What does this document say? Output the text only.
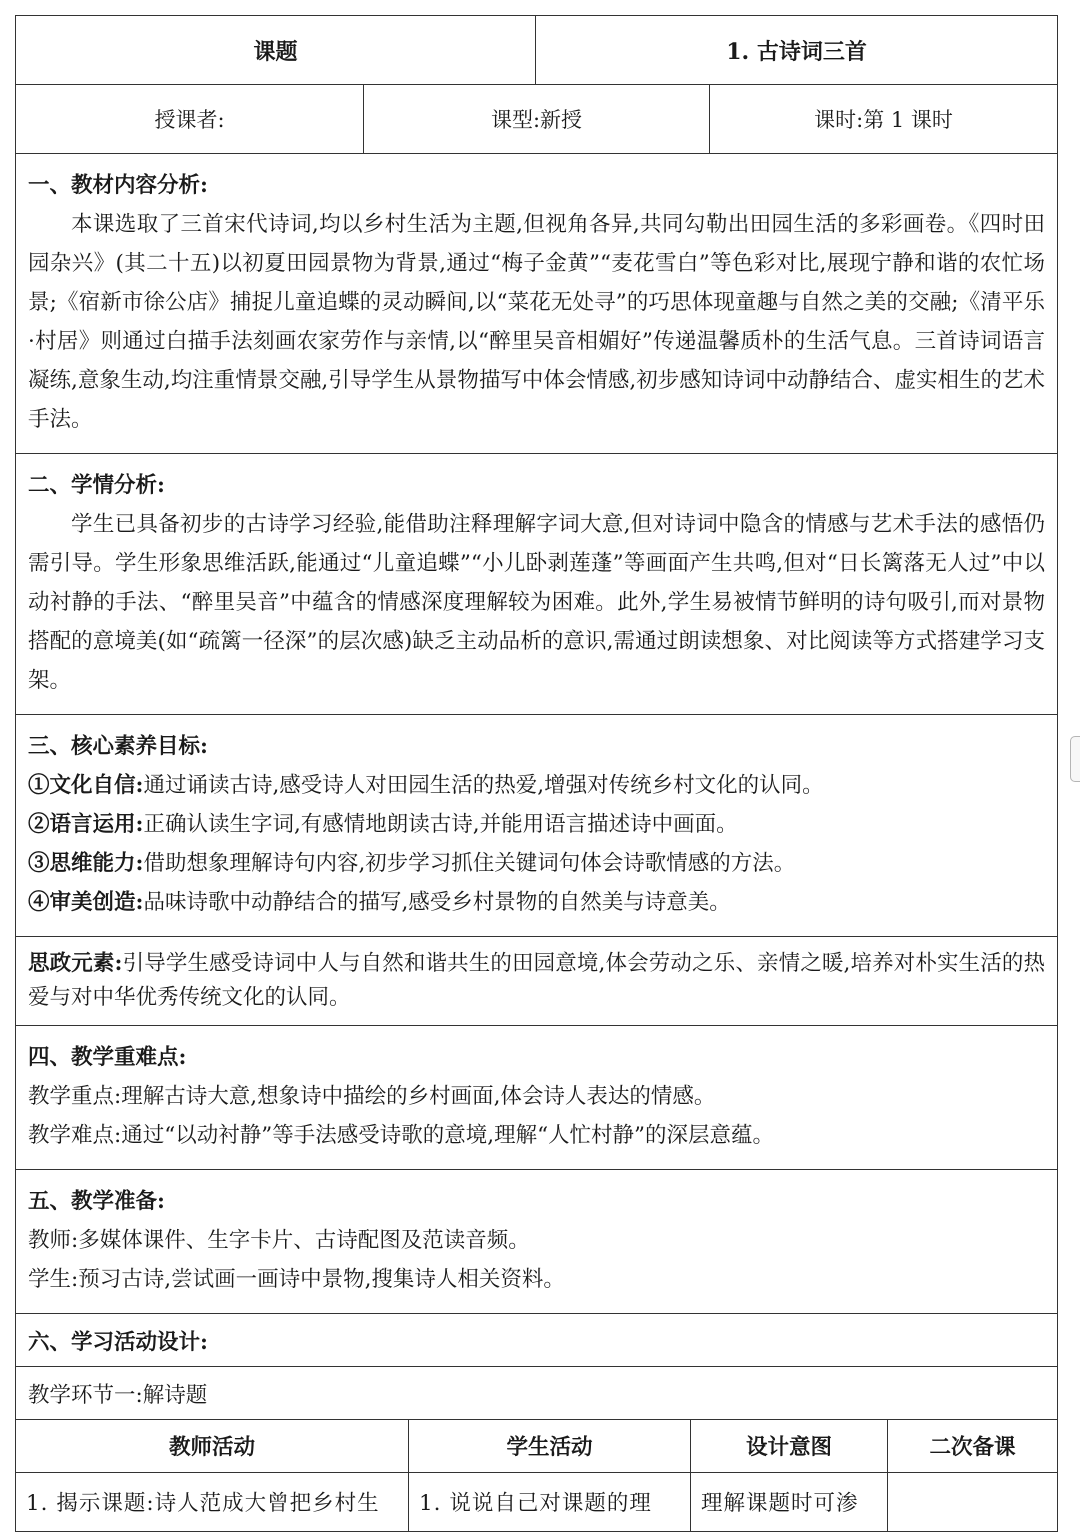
课题		1. 古诗词三首	
授课者:	课型:新授		课时:第 1 课时

一、教材内容分析:

本课选取了三首宋代诗词,均以乡村生活为主题,但视角各异,共同勾勒出田园生活的多彩画卷。《四时田园杂兴》(其二十五)以初夏田园景物为背景,通过“梅子金黄”“麦花雪白”等色彩对比,展现宁静和谐的农忙场景;《宿新市徐公店》捕捉儿童追蝶的灵动瞬间,以“菜花无处寻”的巧思体现童趣与自然之美的交融;《清平乐·村居》则通过白描手法刻画农家劳作与亲情,以“醉里吴音相媚好”传递温馨质朴的生活气息。三首诗词语言凝练,意象生动,均注重情景交融,引导学生从景物描写中体会情感,初步感知诗词中动静结合、虚实相生的艺术手法。			

二、学情分析:

学生已具备初步的古诗学习经验,能借助注释理解字词大意,但对诗词中隐含的情感与艺术手法的感悟仍需引导。学生形象思维活跃,能通过“儿童追蝶”“小儿卧剥莲蓬”等画面产生共鸣,但对“日长篱落无人过”中以动衬静的手法、“醉里吴音”中蕴含的情感深度理解较为困难。此外,学生易被情节鲜明的诗句吸引,而对景物搭配的意境美(如“疏篱一径深”的层次感)缺乏主动品析的意识,需通过朗读想象、对比阅读等方式搭建学习支架。			

三、核心素养目标:

①文化自信:通过诵读古诗,感受诗人对田园生活的热爱,增强对传统乡村文化的认同。

②语言运用:正确认读生字词,有感情地朗读古诗,并能用语言描述诗中画面。

③思维能力:借助想象理解诗句内容,初步学习抓住关键词句体会诗歌情感的方法。

④审美创造:品味诗歌中动静结合的描写,感受乡村景物的自然美与诗意美。			

思政元素:引导学生感受诗词中人与自然和谐共生的田园意境,体会劳动之乐、亲情之暖,培养对朴实生活的热爱与对中华优秀传统文化的认同。			

四、教学重难点:

教学重点:理解古诗大意,想象诗中描绘的乡村画面,体会诗人表达的情感。

教学难点:通过“以动衬静”等手法感受诗歌的意境,理解“人忙村静”的深层意蕴。			

五、教学准备:

教师:多媒体课件、生字卡片、古诗配图及范读音频。

学生:预习古诗,尝试画一画诗中景物,搜集诗人相关资料。			

六、学习活动设计:			
教学环节一:解诗题			
教师活动	学生活动	设计意图	二次备课
1. 揭示课题:诗人范成大曾把乡村生	1. 说说自己对课题的理	理解课题时可渗	
